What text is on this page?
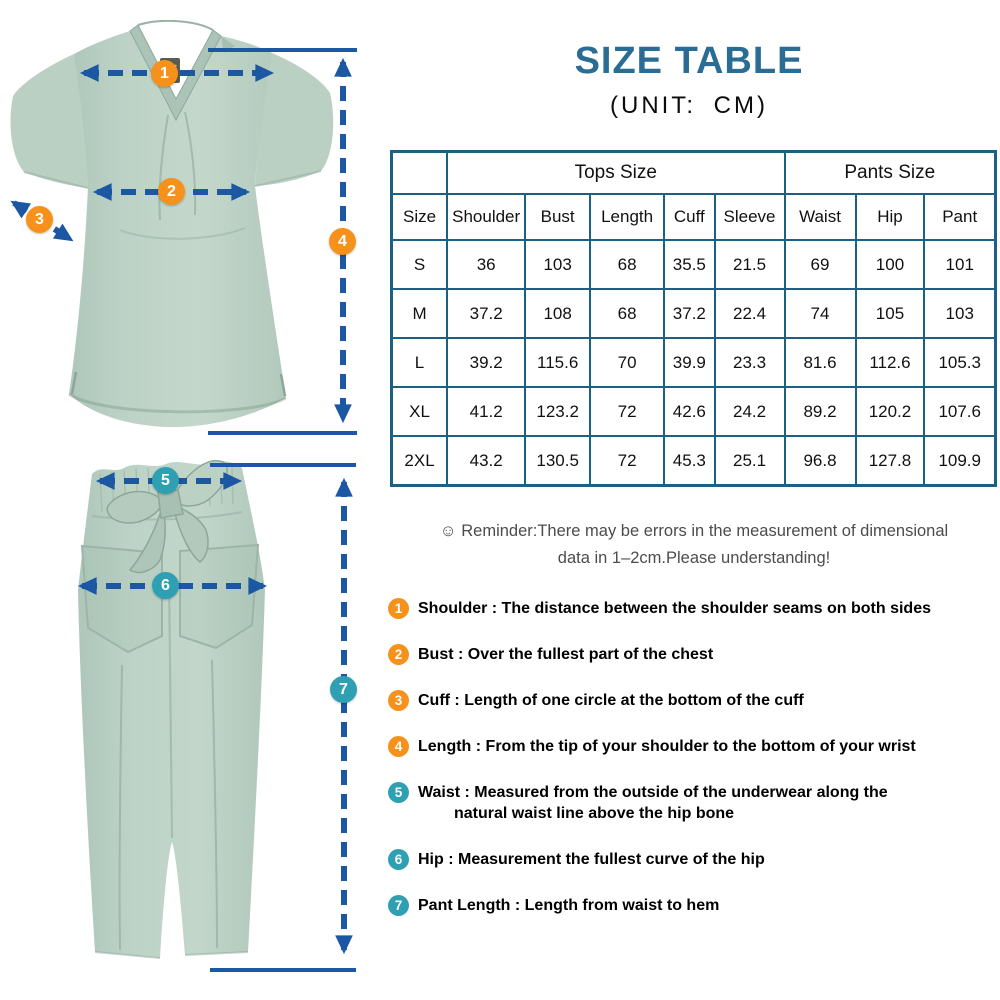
1
2
3
4
5
6
7
SIZE TABLE
(UNIT: CM)
	Tops Size					Pants Size		
Size	Shoulder	Bust	Length	Cuff	Sleeve	Waist	Hip	Pant
S	36	103	68	35.5	21.5	69	100	101
M	37.2	108	68	37.2	22.4	74	105	103
L	39.2	115.6	70	39.9	23.3	81.6	112.6	105.3
XL	41.2	123.2	72	42.6	24.2	89.2	120.2	107.6
2XL	43.2	130.5	72	45.3	25.1	96.8	127.8	109.9
☺ Reminder:There may be errors in the measurement of dimensional
data in 1–2cm.Please understanding!
1 Shoulder : The distance between the shoulder seams on both sides
2 Bust : Over the fullest part of the chest
3 Cuff : Length of one circle at the bottom of the cuff
4 Length : From the tip of your shoulder to the bottom of your wrist
5 Waist : Measured from the outside of the underwear along the
natural waist line above the hip bone
6 Hip : Measurement the fullest curve of the hip
7 Pant Length : Length from waist to hem
